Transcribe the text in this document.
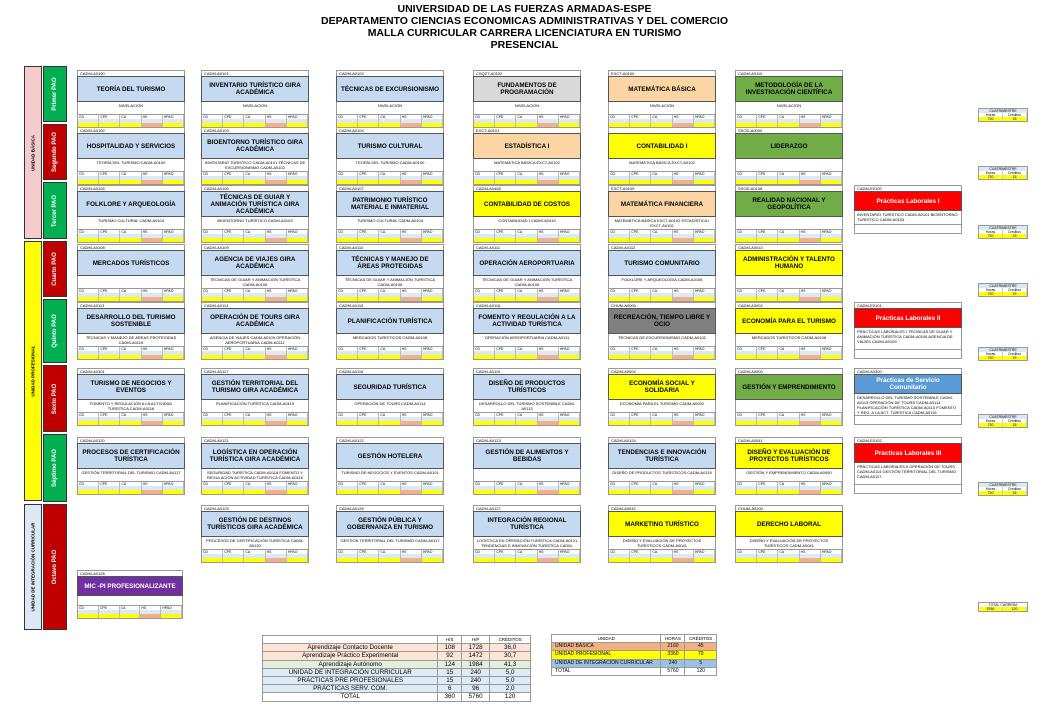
UNIVERSIDAD DE LAS FUERZAS ARMADAS-ESPE
DEPARTAMENTO CIENCIAS ECONOMICAS ADMINISTRATIVAS Y DEL COMERCIO
MALLA CURRICULAR CARRERA LICENCIATURA EN TURISMO
PRESENCIAL
UNIDAD BÁSICA
UNIDAD PROFESIONAL
UNIDAD DE INTEGRACIÓN CURRICULAR
Primer PAO
Segundo PAO
Tercer PAO
Cuarto PAO
Quinto PAO
Sexto PAO
Séptimo PAO
Octavo PAO
CADM-A0100
TEORÍA DEL TURISMO
NIVELACIÓN
CD	CPE	CA	HS	HPAO
CADM-A0101
INVENTARIO TURÍSTICO GIRA ACADÉMICA
NIVELACIÓN
CD	CPE	CA	HS	HPAO
CADM-A0103
TÉCNICAS DE EXCURSIONISMO
NIVELACIÓN
CD	CPE	CA	HS	HPAO
CSQZT-A0102
FUNDAMENTOS DE PROGRAMACIÓN
NIVELACIÓN
CD	CPE	CA	HS	HPAO
EXCT-A0100
MATEMÁTICA BÁSICA
NIVELACIÓN
CD	CPE	CA	HS	HPAO
CADM-A0110
METODOLOGÍA DE LA INVESTIGACIÓN CIENTÍFICA
NIVELACIÓN
CD	CPE	CA	HS	HPAO
CADM-A0102
HOSPITALIDAD Y SERVICIOS
TEORÍA DEL TURISMO CADM-A0100
CD	CPE	CA	HS	HPAO
CADM-A0103
BIOENTORNO TURÍSTICO GIRA ACADÉMICA
INVENTARIO TURÍSTICO CADM-A0101 TÉCNICAS DE EXCURSIONISMO CADM-A0102
CD	CPE	CA	HS	HPAO
CADM-A0104
TURISMO CULTURAL
TEORÍA DEL TURISMO CADM-A0100
CD	CPE	CA	HS	HPAO
EXCT-A0101
ESTADÍSTICA I
MATEMÁTICA BÁSICA EXCT-A0102
CD	CPE	CA	HS	HPAO
CONTABILIDAD I
MATEMÁTICA BÁSICA EXCT-A0102
CD	CPE	CA	HS	HPAO
SSOD-A0000
LIDERAZGO
CD	CPE	CA	HS	HPAO
CADM-A0105
FOLKLORE Y ARQUEOLOGÍA
TURISMO CULTURAL CADM-A0104
CD	CPE	CA	HS	HPAO
CADM-A0106
TÉCNICAS DE GUIAR Y ANIMACIÓN TURÍSTICA GIRA ACADÉMICA
BIOENTORNO TURÍSTICO CADM-A0103
CD	CPE	CA	HS	HPAO
CADM-A0107
PATRIMONIO TURÍSTICO MATERIAL E INMATERIAL
TURISMO CULTURAL CADM-A0104
CD	CPE	CA	HS	HPAO
CADM-A0408
CONTABILIDAD DE COSTOS
CONTABILIDAD I CADM-A0419
CD	CPE	CA	HS	HPAO
EXCT-A0109
MATEMÁTICA FINANCIERA
MATEMÁTICA BÁSICA EXCT-A0102 ESTADÍSTICA I EXCT-A0102
CD	CPE	CA	HS	HPAO
SSOD-A0108
REALIDAD NACIONAL Y GEOPOLÍTICA
CD	CPE	CA	HS	HPAO
CADM-A0108
MERCADOS TURÍSTICOS
CD	CPE	CA	HS	HPAO
CADM-A0109
AGENCIA DE VIAJES GIRA ACADÉMICA
TÉCNICAS DE GUIAR Y ANIMACIÓN TURÍSTICA CADM-A0106
CD	CPE	CA	HS	HPAO
CADM-A0110
TÉCNICAS Y MANEJO DE ÁREAS PROTEGIDAS
TÉCNICAS DE GUIAR Y ANIMACIÓN TURÍSTICA CADM-A0106
CD	CPE	CA	HS	HPAO
CADM-A0111
OPERACIÓN AEROPORTUARIA
TÉCNICAS DE GUIAR Y ANIMACIÓN TURÍSTICA CADM-A0106
CD	CPE	CA	HS	HPAO
CADM-A0112
TURISMO COMUNITARIO
FOLKLORE Y ARQUEOLOGÍA CADM-A0105
CD	CPE	CA	HS	HPAO
CADM-A0010
ADMINISTRACIÓN Y TALENTO HUMANO
CD	CPE	CA	HS	HPAO
CADM-A0113
DESARROLLO DEL TURISMO SOSTENIBLE
TÉCNICAS Y MANEJO DE ÁREAS PROTEGIDAS CADM-A0110
CD	CPE	CA	HS	HPAO
CADM-A0114
OPERACIÓN DE TOURS GIRA ACADÉMICA
AGENCIA DE VIAJES CADM-A0109 OPERACIÓN AEROPORTUARIA CADM-A0111
CD	CPE	CA	HS	HPAO
CADM-A0115
PLANIFICACIÓN TURÍSTICA
MERCADOS TURÍSTICOS CADM-A0108
CD	CPE	CA	HS	HPAO
CADM-A0116
FOMENTO Y REGULACIÓN A LA ACTIVIDAD TURÍSTICA
OPERACIÓN AEROPORTUARIA CADM-A0111
CD	CPE	CA	HS	HPAO
CHUM-A0000
RECREACIÓN, TIEMPO LIBRE Y OCIO
TÉCNICAS DE EXCURSIONISMO CADM-A0102
CD	CPE	CA	HS	HPAO
CADM-A0002
ECONOMÍA PARA EL TURISMO
MERCADOS TURÍSTICOS CADM-A0108
CD	CPE	CA	HS	HPAO
CADM-A0101
TURISMO DE NEGOCIOS Y EVENTOS
FOMENTO Y REGULACIÓN A LA ACTIVIDAD TURÍSTICA CADM-A0116
CD	CPE	CA	HS	HPAO
CADM-A0117
GESTIÓN TERRITORIAL DEL TURISMO GIRA ACADÉMICA
PLANIFICACIÓN TURÍSTICA CADM-A0115
CD	CPE	CA	HS	HPAO
CADM-A0118
SEGURIDAD TURÍSTICA
OPERACIÓN DE TOURS CADM-A0114
CD	CPE	CA	HS	HPAO
CADM-A0119
DISEÑO DE PRODUCTOS TURÍSTICOS
DESARROLLO DEL TURISMO SOSTENIBLE CADM-A0113
CD	CPE	CA	HS	HPAO
CADM-A0004
ECONOMÍA SOCIAL Y SOLIDARIA
ECONOMÍA PARA EL TURISMO CADM-A0002
CD	CPE	CA	HS	HPAO
CADM-A0000
GESTIÓN Y EMPRENDIMIENTO
CD	CPE	CA	HS	HPAO
CADM-A0120
PROCESOS DE CERTIFICACIÓN TURÍSTICA
GESTIÓN TERRITORIAL DEL TURISMO CADM-A0117
CD	CPE	CA	HS	HPAO
CADM-A0121
LOGÍSTICA EN OPERACIÓN TURÍSTICA GIRA ACADÉMICA
SEGURIDAD TURÍSTICA CADM-A0118 FOMENTO Y REGULACIÓN ACTIVIDAD TURÍSTICA CADM-A0116
CD	CPE	CA	HS	HPAO
CADM-A0122
GESTIÓN HOTELERA
TURISMO DE NEGOCIOS Y EVENTOS CADM-A0101
CD	CPE	CA	HS	HPAO
CADM-A0123
GESTIÓN DE ALIMENTOS Y BEBIDAS
CD	CPE	CA	HS	HPAO
CADM-A0124
TENDENCIAS E INNOVACIÓN TURÍSTICA
DISEÑO DE PRODUCTOS TURÍSTICOS CADM-A0119
CD	CPE	CA	HS	HPAO
CADM-A0041
DISEÑO Y EVALUACIÓN DE PROYECTOS TURÍSTICOS
GESTIÓN Y EMPRENDIMIENTO CADM-A0000
CD	CPE	CA	HS	HPAO
CADM-A0125
GESTIÓN DE DESTINOS TURÍSTICOS GIRA ACADÉMICA
PROCESOS DE CERTIFICACIÓN TURÍSTICA CADM-A0120
CD	CPE	CA	HS	HPAO
CADM-A0126
GESTIÓN PÚBLICA Y GOBERNANZA EN TURISMO
GESTIÓN TERRITORIAL DEL TURISMO CADM-A0117
CD	CPE	CA	HS	HPAO
CADM-A0127
INTEGRACIÓN REGIONAL TURÍSTICA
LOGÍSTICA EN OPERACIÓN TURÍSTICA CADM-A0121 TENDENCIAS E INNOVACIÓN TURÍSTICA CADM-
CD	CPE	CA	HS	HPAO
CADM-A0032
MARKETING TURÍSTICO
DISEÑO Y EVALUACIÓN DE PROYECTOS TURÍSTICOS CADM-A0041
CD	CPE	CA	HS	HPAO
CHUM-A0200
DERECHO LABORAL
DISEÑO Y EVALUACIÓN DE PROYECTOS TURÍSTICOS CADM-A0041
CD	CPE	CA	HS	HPAO
CADM-E0100
Prácticas Laborales I
INVENTARIO TURÍSTICO CADM-A0101 BIOENTORNO TURÍSTICO CADM-A0103
CADM-E0101
Prácticas Laborales II
PRÁCTICAS LABORALES I TÉCNICAS DE GUIAR Y ANIMACIÓN TURÍSTICA CADM-A0106 AGENCIA DE VIAJES CADM-A0109
CADM-A0300
Prácticas de Servicio Comunitario
DESARROLLO DEL TURISMO SOSTENIBLE CADM-A0113 OPERACIÓN DE TOURS CADM-A0114 PLANIFICACIÓN TURÍSTICA CADM-A0115 FOMENTO Y REG. A LA ACT. TURÍSTICA CADM-A0116
CADM-E0102
Prácticas Laborales III
PRÁCTICAS LABORALES II OPERACIÓN DE TOURS CADM-A0114 GESTIÓN TERRITORIAL DEL TURISMO CADM-A0117
CADM-A0128
MIC -PI PROFESIONALIZANTE
CD	CPE	CA	HS	HPAO
CUATRIMESTRE
Horas	Créditos
720	15
CUATRIMESTRE
Horas	Créditos
720	15
CUATRIMESTRE
Horas	Créditos
720	15
CUATRIMESTRE
Horas	Créditos
720	15
CUATRIMESTRE
Horas	Créditos
720	15
CUATRIMESTRE
Horas	Créditos
720	15
CUATRIMESTRE
Horas	Créditos
720	15
TOTAL CARRERA
5760	120
	H/S	H/P	CRÉDITOS
Aprendizaje Contacto Docente	108	1728	36,0
Aprendizaje Práctico Experimental	92	1472	30,7
Aprendizaje Autónomo	124	1984	41,3
UNIDAD DE INTEGRACIÓN CURRICULAR	15	240	5,0
PRÁCTICAS PRE PROFESIONALES	15	240	5,0
PRÁCTICAS SERV. COM.	6	96	2,0
TOTAL	360	5760	120
UNIDAD	HORAS	CRÉDITOS
UNIDAD BÁSICA	2160	45
UNIDAD PROFESIONAL	3360	70
UNIDAD DE INTEGRACIÓN CURRICULAR	240	5
TOTAL	5760	120
